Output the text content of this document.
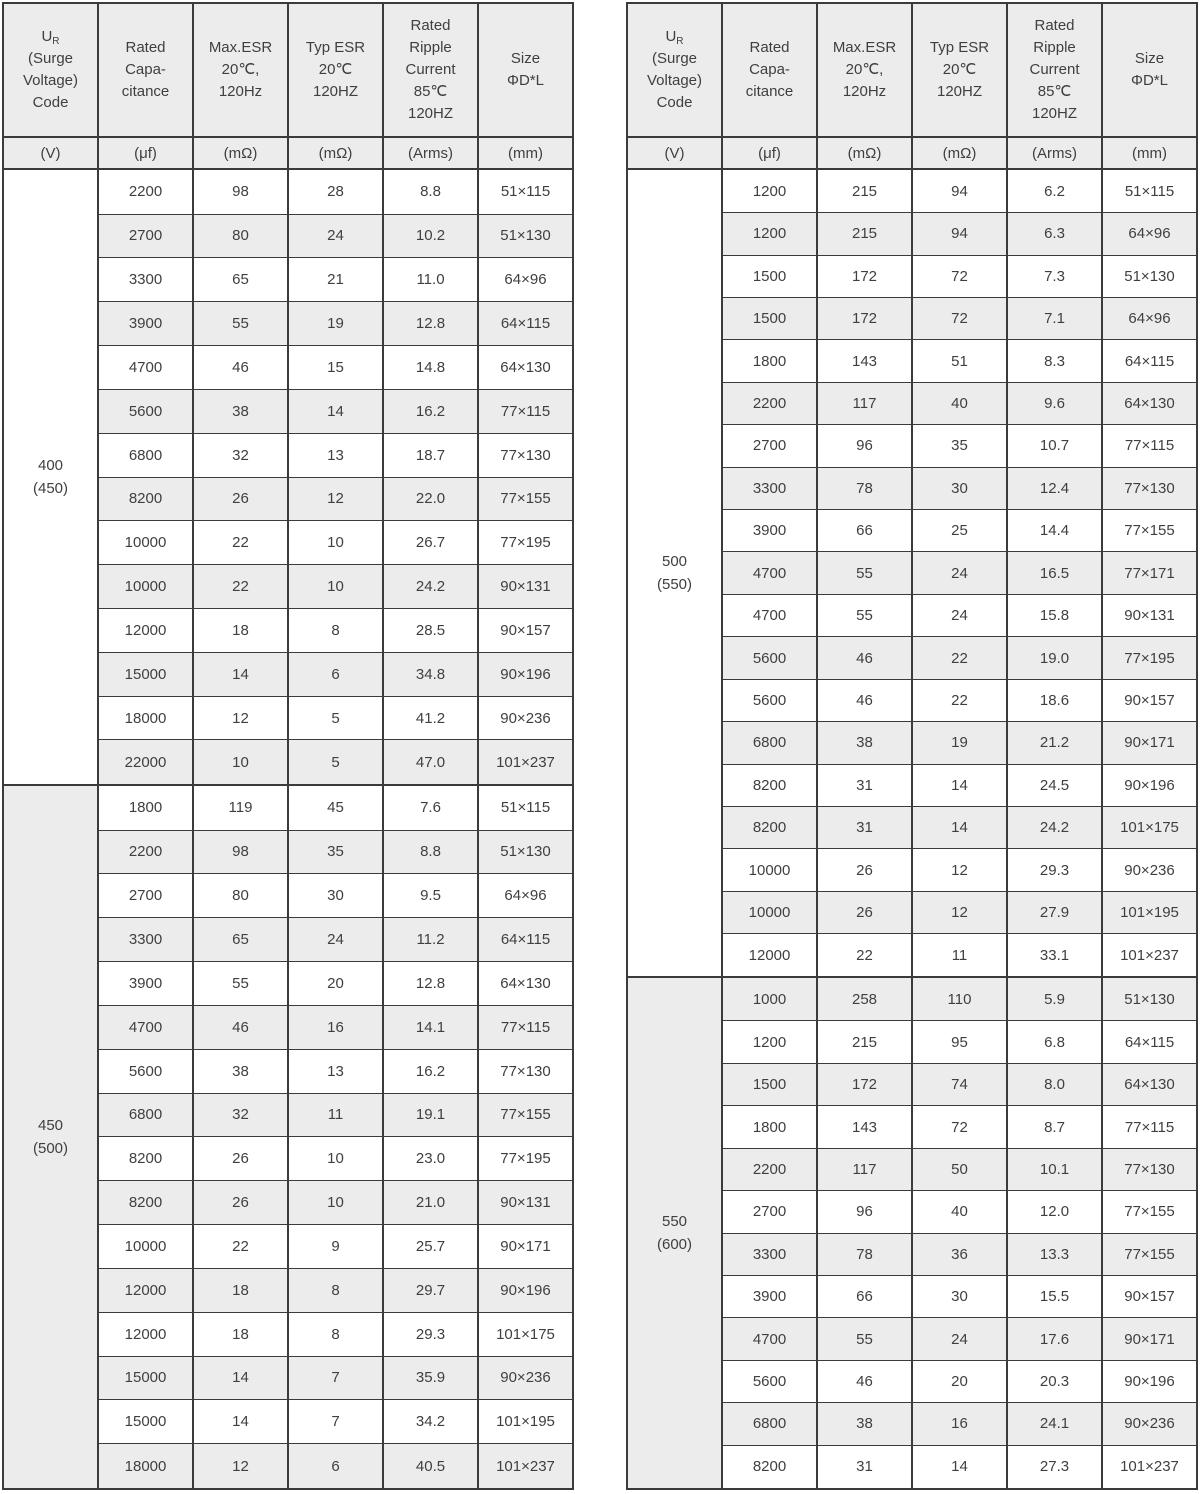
$U_R$
(Surge
Voltage)
Code

Rated
Capa-
citance

Max.ESR
20℃,
120Hz

Typ ESR
20℃
120HZ

Rated
Ripple
Current
85℃
120HZ

Size
ΦD*L

(V)	(μf)	(mΩ)	(mΩ)	(Arms)	(mm)

400
(450)	2200	98	28	8.8	51×115
	2700	80	24	10.2	51×130
	3300	65	21	11.0	64×96
	3900	55	19	12.8	64×115
	4700	46	15	14.8	64×130
	5600	38	14	16.2	77×115
	6800	32	13	18.7	77×130
	8200	26	12	22.0	77×155
	10000	22	10	26.7	77×195
	10000	22	10	24.2	90×131
	12000	18	8	28.5	90×157
	15000	14	6	34.8	90×196
	18000	12	5	41.2	90×236
	22000	10	5	47.0	101×237

450
(500)	1800	119	45	7.6	51×115
	2200	98	35	8.8	51×130
	2700	80	30	9.5	64×96
	3300	65	24	11.2	64×115
	3900	55	20	12.8	64×130
	4700	46	16	14.1	77×115
	5600	38	13	16.2	77×130
	6800	32	11	19.1	77×155
	8200	26	10	23.0	77×195
	8200	26	10	21.0	90×131
	10000	22	9	25.7	90×171
	12000	18	8	29.7	90×196
	12000	18	8	29.3	101×175
	15000	14	7	35.9	90×236
	15000	14	7	34.2	101×195
	18000	12	6	40.5	101×237
$U_R$
(Surge
Voltage)
Code

Rated
Capa-
citance

Max.ESR
20℃,
120Hz

Typ ESR
20℃
120HZ

Rated
Ripple
Current
85℃
120HZ

Size
ΦD*L

(V)	(μf)	(mΩ)	(mΩ)	(Arms)	(mm)

500
(550)	1200	215	94	6.2	51×115
	1200	215	94	6.3	64×96
	1500	172	72	7.3	51×130
	1500	172	72	7.1	64×96
	1800	143	51	8.3	64×115
	2200	117	40	9.6	64×130
	2700	96	35	10.7	77×115
	3300	78	30	12.4	77×130
	3900	66	25	14.4	77×155
	4700	55	24	16.5	77×171
	4700	55	24	15.8	90×131
	5600	46	22	19.0	77×195
	5600	46	22	18.6	90×157
	6800	38	19	21.2	90×171
	8200	31	14	24.5	90×196
	8200	31	14	24.2	101×175
	10000	26	12	29.3	90×236
	10000	26	12	27.9	101×195
	12000	22	11	33.1	101×237

550
(600)	1000	258	110	5.9	51×130
	1200	215	95	6.8	64×115
	1500	172	74	8.0	64×130
	1800	143	72	8.7	77×115
	2200	117	50	10.1	77×130
	2700	96	40	12.0	77×155
	3300	78	36	13.3	77×155
	3900	66	30	15.5	90×157
	4700	55	24	17.6	90×171
	5600	46	20	20.3	90×196
	6800	38	16	24.1	90×236
	8200	31	14	27.3	101×237
